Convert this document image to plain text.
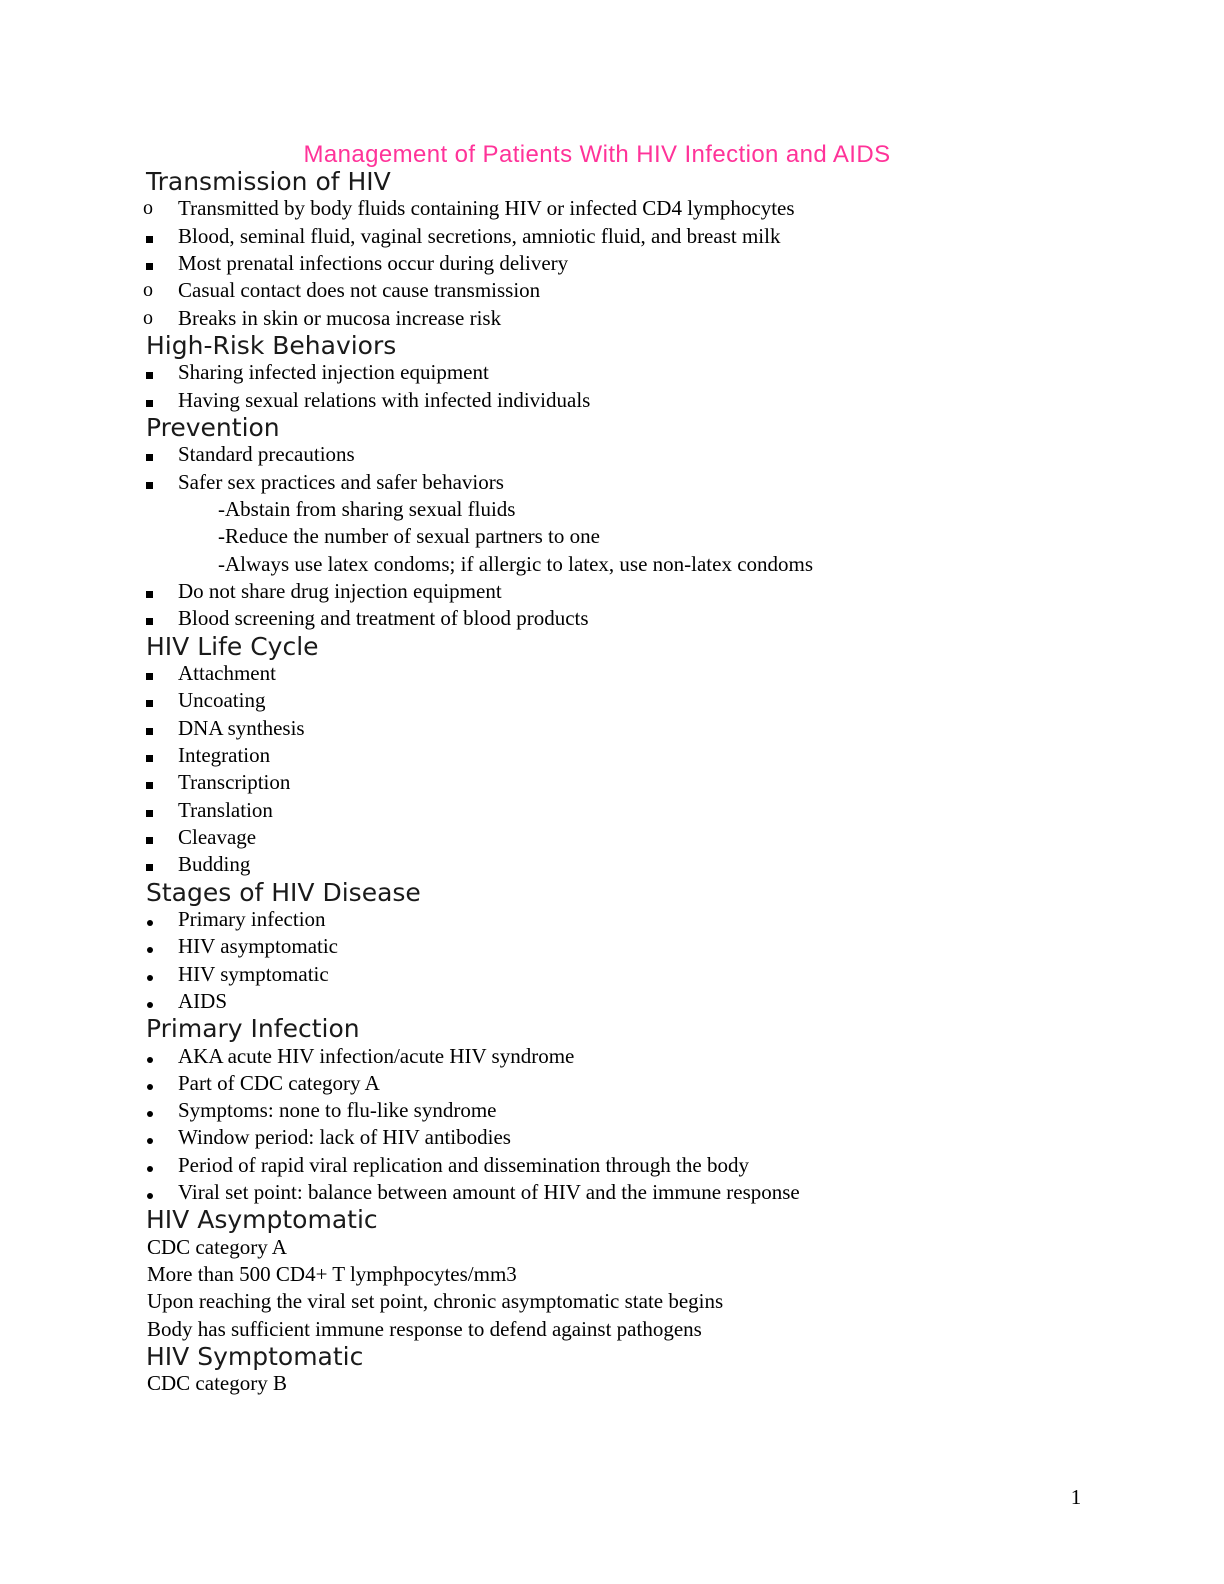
Management of Patients With HIV Infection and AIDS
Transmission of HIV
o Transmitted by body fluids containing HIV or infected CD4 lymphocytes
Blood, seminal fluid, vaginal secretions, amniotic fluid, and breast milk
Most prenatal infections occur during delivery
o Casual contact does not cause transmission
o Breaks in skin or mucosa increase risk
High-Risk Behaviors
Sharing infected injection equipment
Having sexual relations with infected individuals
Prevention
Standard precautions
Safer sex practices and safer behaviors
-Abstain from sharing sexual fluids
-Reduce the number of sexual partners to one
-Always use latex condoms; if allergic to latex, use non-latex condoms
Do not share drug injection equipment
Blood screening and treatment of blood products
HIV Life Cycle
Attachment
Uncoating
DNA synthesis
Integration
Transcription
Translation
Cleavage
Budding
Stages of HIV Disease
Primary infection
HIV asymptomatic
HIV symptomatic
AIDS
Primary Infection
AKA acute HIV infection/acute HIV syndrome
Part of CDC category A
Symptoms: none to flu-like syndrome
Window period: lack of HIV antibodies
Period of rapid viral replication and dissemination through the body
Viral set point: balance between amount of HIV and the immune response
HIV Asymptomatic
CDC category A
More than 500 CD4+ T lymphpocytes/mm3
Upon reaching the viral set point, chronic asymptomatic state begins
Body has sufficient immune response to defend against pathogens
HIV Symptomatic
CDC category B
1
